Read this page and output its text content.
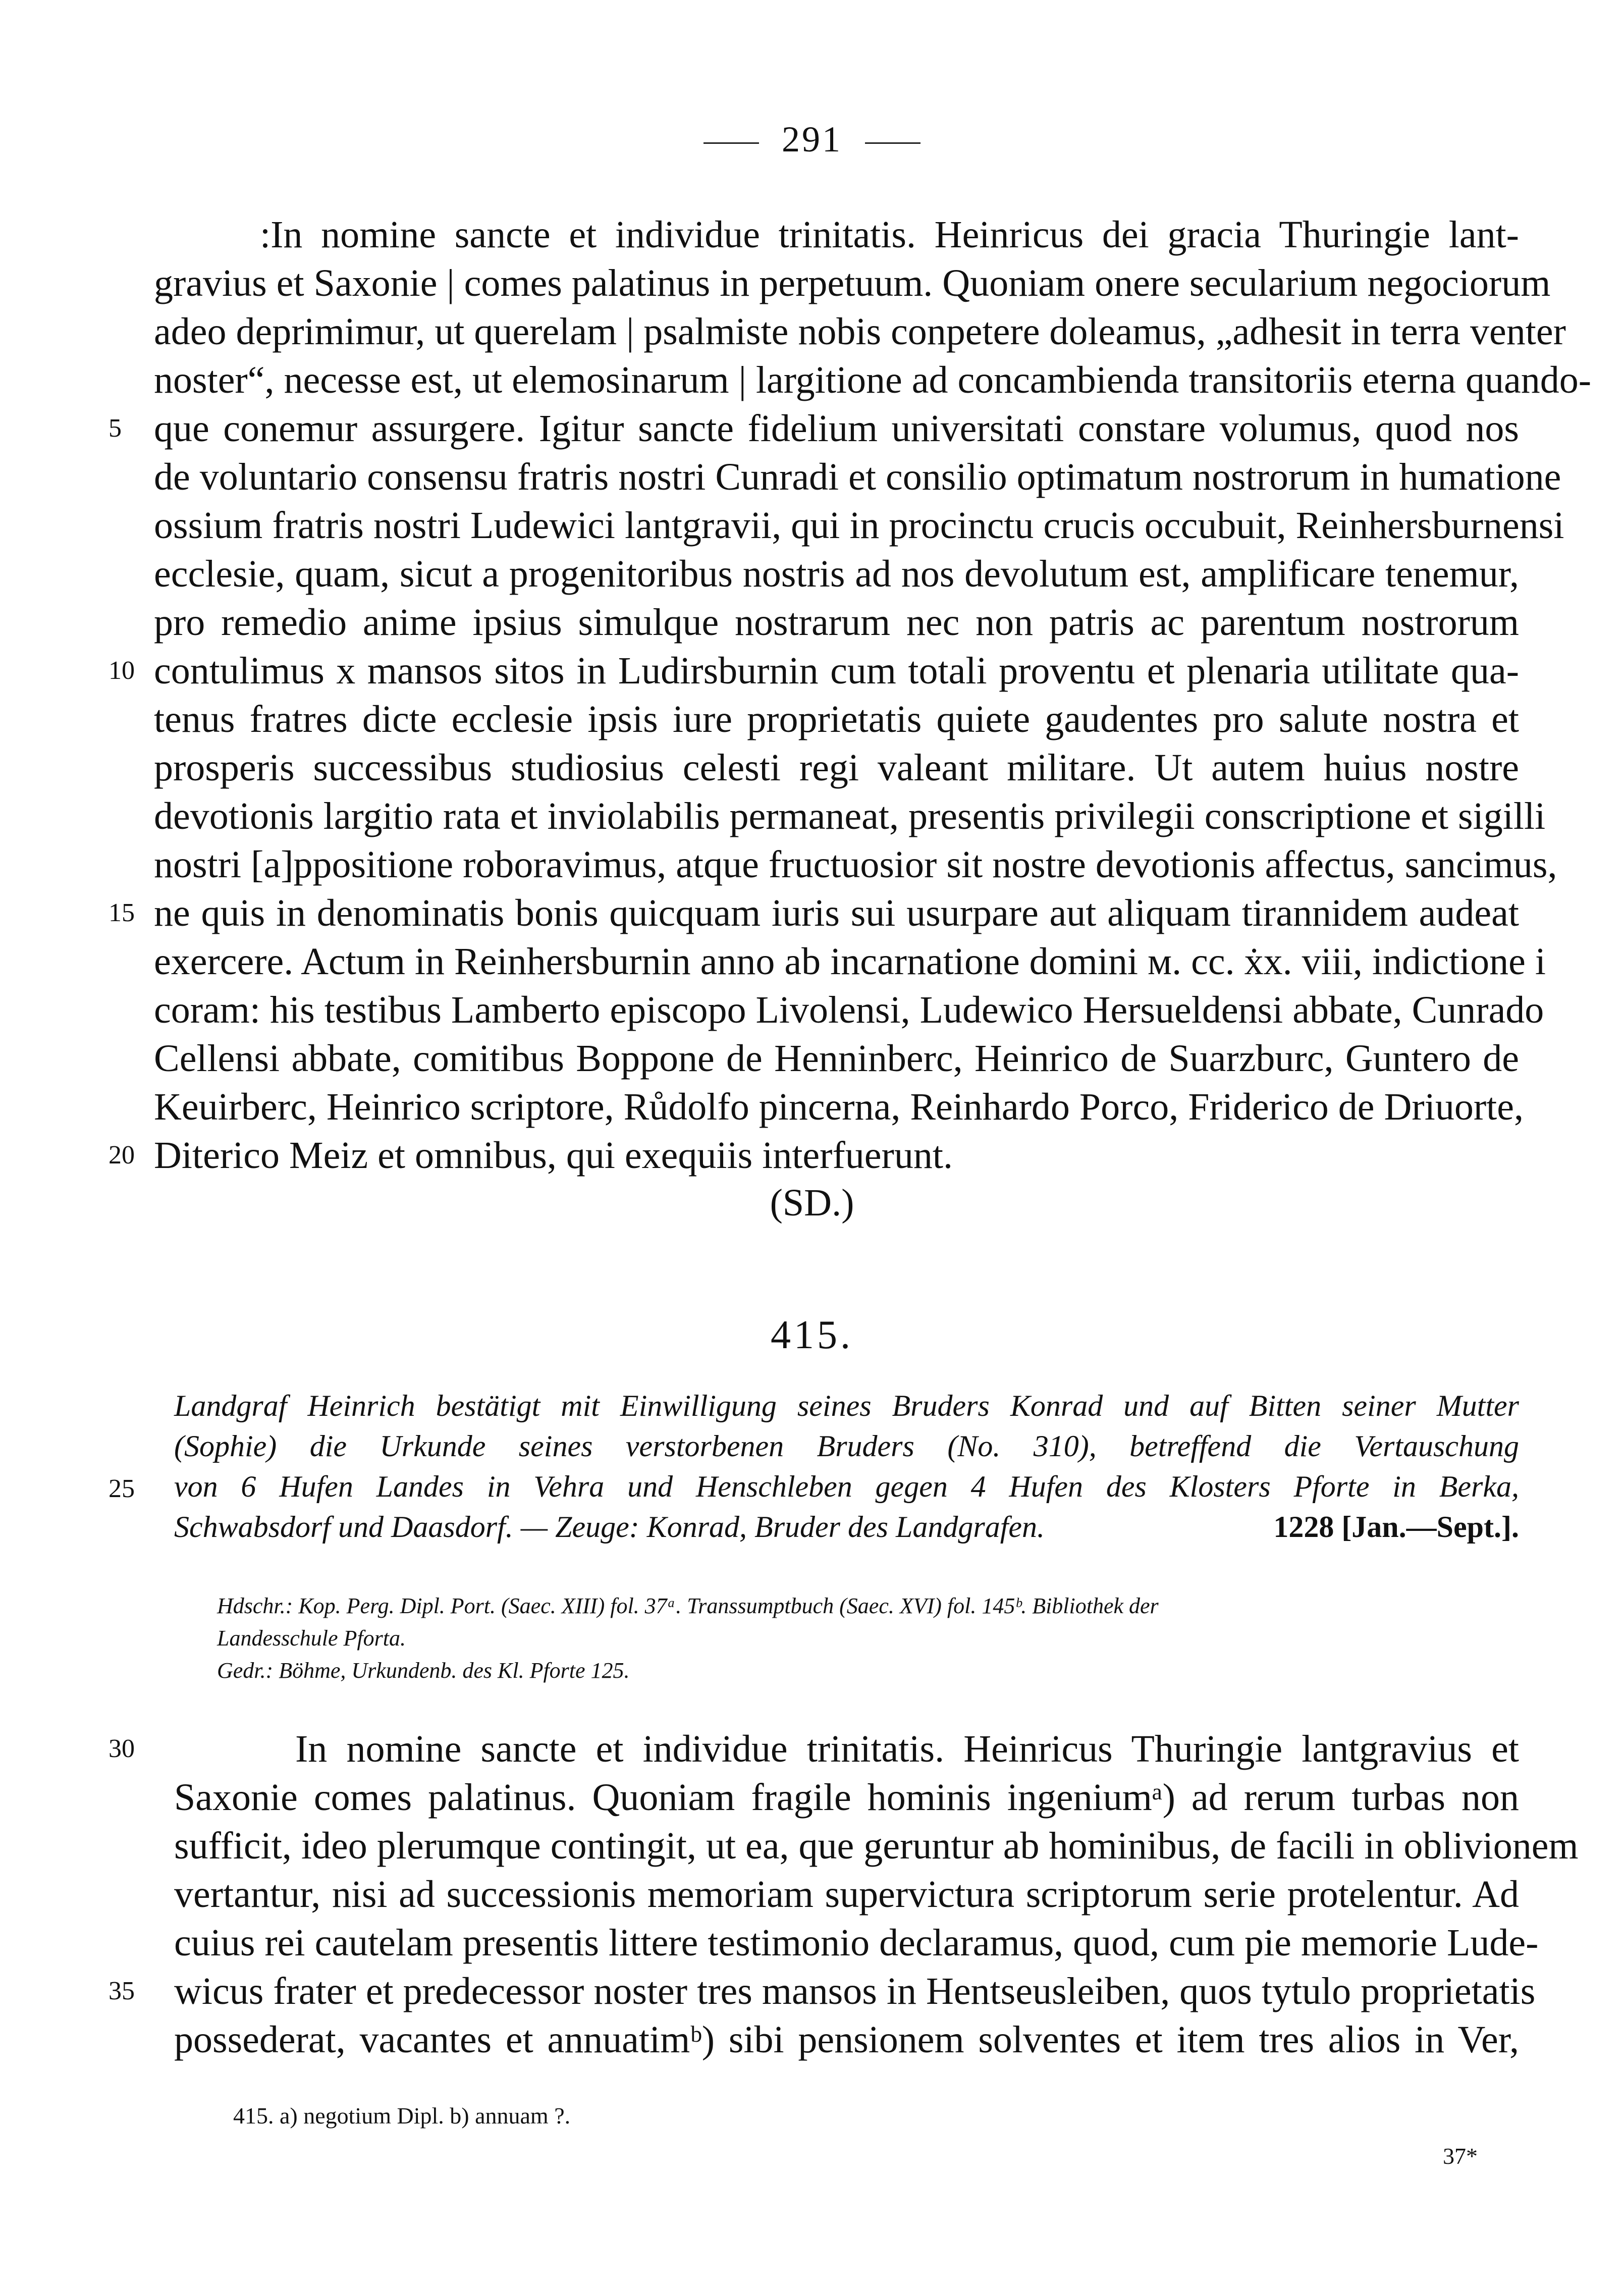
291
(SD.)
415.
415. a) negotium Dipl. b) annuam ?.
37*
:In nomine sancte et individue trinitatis. Heinricus dei gracia Thuringie lant-
gravius et Saxonie | comes palatinus in perpetuum. Quoniam onere secularium negociorum
adeo deprimimur, ut querelam | psalmiste nobis conpetere doleamus, „adhesit in terra venter
noster“, necesse est, ut elemosinarum | largitione ad concambienda transitoriis eterna quando-
5 que conemur assurgere. Igitur sancte fidelium universitati constare volumus, quod nos
de voluntario consensu fratris nostri Cunradi et consilio optimatum nostrorum in humatione
ossium fratris nostri Ludewici lantgravii, qui in procinctu crucis occubuit, Reinhersburnensi
ecclesie, quam, sicut a progenitoribus nostris ad nos devolutum est, amplificare tenemur,
pro remedio anime ipsius simulque nostrarum nec non patris ac parentum nostrorum
10 contulimus x mansos sitos in Ludirsburnin cum totali proventu et plenaria utilitate qua-
tenus fratres dicte ecclesie ipsis iure proprietatis quiete gaudentes pro salute nostra et
prosperis successibus studiosius celesti regi valeant militare. Ut autem huius nostre
devotionis largitio rata et inviolabilis permaneat, presentis privilegii conscriptione et sigilli
nostri [a]ppositione roboravimus, atque fructuosior sit nostre devotionis affectus, sancimus,
15 ne quis in denominatis bonis quicquam iuris sui usurpare aut aliquam tirannidem audeat
exercere. Actum in Reinhersburnin anno ab incarnatione domini ᴍ. cc. ẋx. viii, indictione i
coram: his testibus Lamberto episcopo Livolensi, Ludewico Hersueldensi abbate, Cunrado
Cellensi abbate, comitibus Boppone de Henninberc, Heinrico de Suarzburc, Guntero de
Keuirberc, Heinrico scriptore, Růdolfo pincerna, Reinhardo Porco, Friderico de Driuorte,
20 Diterico Meiz et omnibus, qui exequiis interfuerunt.
Landgraf Heinrich bestätigt mit Einwilligung seines Bruders Konrad und auf Bitten seiner Mutter
(Sophie) die Urkunde seines verstorbenen Bruders (No. 310), betreffend die Vertauschung
25	von 6 Hufen Landes in Vehra und Henschleben gegen 4 Hufen des Klosters Pforte in Berka,
Schwabsdorf und Daasdorf. — Zeuge: Konrad, Bruder des Landgrafen.	1228 [Jan.—Sept.].
Hdschr.: Kop. Perg. Dipl. Port. (Saec. XIII) fol. 37ᵃ. Transsumptbuch (Saec. XVI) fol. 145ᵇ. Bibliothek der
Landesschule Pforta.
Gedr.: Böhme, Urkundenb. des Kl. Pforte 125.
30	In nomine sancte et individue trinitatis. Heinricus Thuringie lantgravius et
Saxonie comes palatinus. Quoniam fragile hominis ingeniumᵃ) ad rerum turbas non
sufficit, ideo plerumque contingit, ut ea, que geruntur ab hominibus, de facili in oblivionem
vertantur, nisi ad successionis memoriam supervictura scriptorum serie protelentur. Ad
cuius rei cautelam presentis littere testimonio declaramus, quod, cum pie memorie Lude-
35	wicus frater et predecessor noster tres mansos in Hentseusleiben, quos tytulo proprietatis
possederat, vacantes et annuatimᵇ) sibi pensionem solventes et item tres alios in Ver,
